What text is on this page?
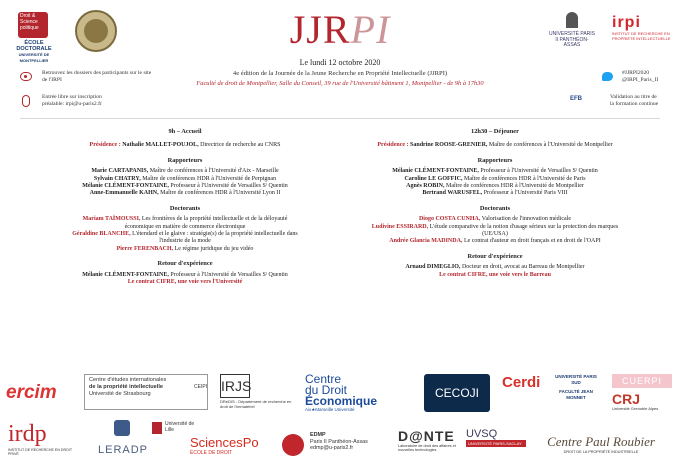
Droit & Science politique
ÉCOLE DOCTORALE
UNIVERSITÉ DE MONTPELLIER
JJRPI
Le lundi 12 octobre 2020
4e édition de la Journée de la Jeune Recherche en Propriété Intellectuelle (JJRPI)
Faculté de droit de Montpellier, Salle du Conseil, 39 rue de l'Université bâtiment 1, Montpellier - de 9h à 17h30
UNIVERSITÉ PARIS II PANTHÉON-ASSAS
irpi
INSTITUT DE RECHERCHE EN PROPRIÉTÉ INTELLECTUELLE
Retrouvez les dossiers des participants sur le site de l'IRPI
Entrée libre sur inscription
préalable: irpi@u-paris2.fr
#JJRPI2020
@IRPI_Paris_II
EFB	Validation au titre de
la formation continue

9h – Accueil

Présidence : Nathalie MALLET-POUJOL, Directrice de recherche au CNRS

Rapporteurs

Marie CARTAPANIS, Maître de conférences à l'Université d'Aix - Marseille

Sylvain CHATRY, Maître de conférences HDR à l'Université de Perpignan

Mélanie CLÉMENT-FONTAINE, Professeur à l'Université de Versailles Sᵗ Quentin

Anne-Emmanuelle KAHN, Maître de conférences HDR à l'Université Lyon II

Doctorants

Mariam TAÏMOUSSI, Les frontières de la propriété intellectuelle et de la déloyauté économique en matière de commerce électronique

Géraldine BLANCHE, L'étendard et le glaive : stratégie(s) de la propriété intellectuelle dans l'industrie de la mode

Pierre FERENBACH, Le régime juridique du jeu vidéo

Retour d'expérience

Mélanie CLÉMENT-FONTAINE, Professeur à l'Université de Versailles Sᵗ Quentin

Le contrat CIFRE, une voie vers l'Université

12h30 – Déjeuner

Présidence : Sandrine ROOSE-GRENIER, Maître de conférences à l'Université de Montpellier

Rapporteurs

Mélanie CLÉMENT-FONTAINE, Professeur à l'Université de Versailles Sᵗ Quentin

Caroline LE GOFFIC, Maître de conférences HDR à l'Université de Paris

Agnès ROBIN, Maître de conférences HDR à l'Université de Montpellier

Bertrand WARUSFEL, Professeur à l'Université Paris VIII

Doctorants

Diogo COSTA CUNHA, Valorisation de l'innovation médicale

Ludivine ESSIRARD, L'étude comparative de la notion d'usage sérieux sur la protection des marques (UE/USA)

Andrée Glancia MADINDA, Le contrat d'auteur en droit français et en droit de l'OAPI

Retour d'expérience

Arnaud DIMEGLIO, Docteur en droit, avocat au Barreau de Montpellier

Le contrat CIFRE, une voie vers le Barreau

ercim
Centre d'études internationales
de la propriété intellectuelle
Université de Strasbourg
CEIPI IRJS
DReDIS - Département de recherche en droit de l'immatériel
Centre
du Droit
Économique
Aix★Marseille Université
CECOJI
Cerdi	UNIVERSITÉ PARIS SUD
FACULTÉ JEAN MONNET
CUERPI
CRJ
Université Grenoble Alpes
irdp
INSTITUT DE RECHERCHE EN DROIT PRIVÉ	LERADP
Université de Lille
SciencesPo
ÉCOLE DE DROIT
EDMP
Paris II Panthéon-Assas
edmp@u-paris2.fr
D@NTE
Laboratoire de droit des affaires et nouvelles technologies
UVSQ
UNIVERSITÉ PARIS-SACLAY	Centre Paul Roubier
DROIT DE LA PROPRIÉTÉ INDUSTRIELLE
